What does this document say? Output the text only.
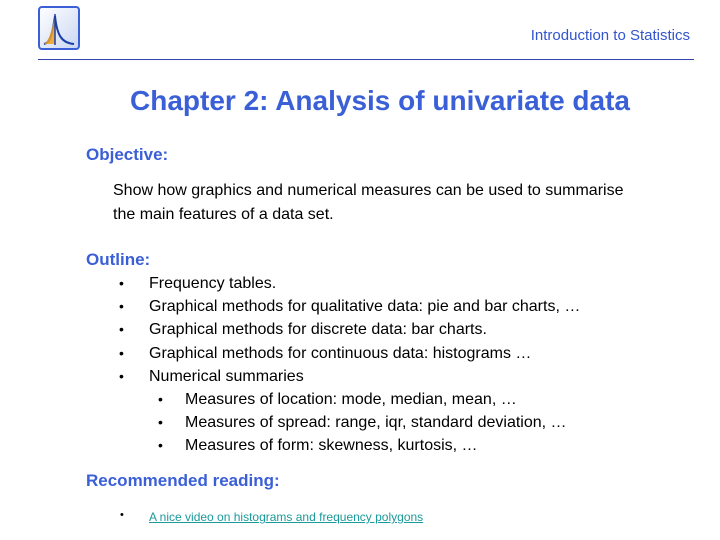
Introduction to Statistics
Chapter 2: Analysis of univariate data
Objective:
Show how graphics and numerical measures can be used to summarise the main features of a data set.
Outline:
• Frequency tables.
• Graphical methods for qualitative data: pie and bar charts, …
• Graphical methods for discrete data: bar charts.
• Graphical methods for continuous data: histograms …
• Numerical summaries
• Measures of location: mode, median, mean, …
• Measures of spread: range, iqr, standard deviation, …
• Measures of form: skewness, kurtosis, …
Recommended reading:
• A nice video on histograms and frequency polygons
